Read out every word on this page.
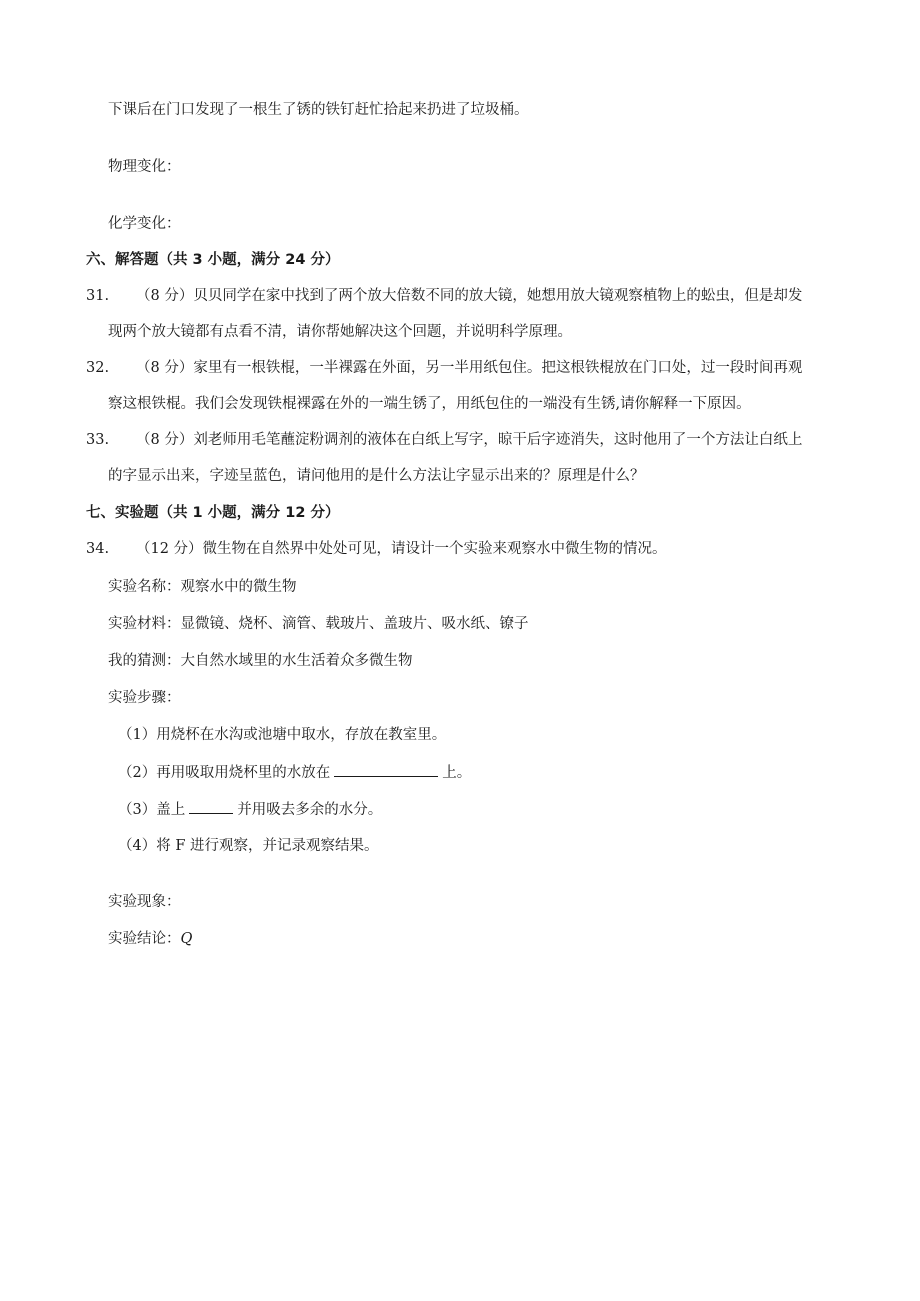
下课后在门口发现了一根生了锈的铁钉赶忙拾起来扔进了垃圾桶。
物理变化：
化学变化：
六、解答题（共 3 小题，满分 24 分）
31. （8 分）贝贝同学在家中找到了两个放大倍数不同的放大镜，她想用放大镜观察植物上的蚣虫，但是却发
现两个放大镜都有点看不清，请你帮她解决这个回题，并说明科学原理。
32. （8 分）家里有一根铁棍，一半裸露在外面，另一半用纸包住。把这根铁棍放在门口处，过一段时间再观
察这根铁棍。我们会发现铁棍裸露在外的一端生锈了，用纸包住的一端没有生锈,请你解释一下原因。
33. （8 分）刘老师用毛笔蘸淀粉调剂的液体在白纸上写字，晾干后字迹消失，这时他用了一个方法让白纸上
的字显示出来，字迹呈蓝色，请问他用的是什么方法让字显示出来的？原理是什么？
七、实验题（共 1 小题，满分 12 分）
34. （12 分）微生物在自然界中处处可见，请设计一个实验来观察水中微生物的情况。
实验名称：观察水中的微生物
实验材料：显微镜、烧杯、滴管、载玻片、盖玻片、吸水纸、镣子
我的猜测：大自然水域里的水生活着众多微生物
实验步骤：
（1）用烧杯在水沟或池塘中取水，存放在教室里。
（2）再用吸取用烧杯里的水放在	上。
（3）盖上	并用吸去多余的水分。
（4）将 F 进行观察，并记录观察结果。
实验现象：
实验结论：Q
